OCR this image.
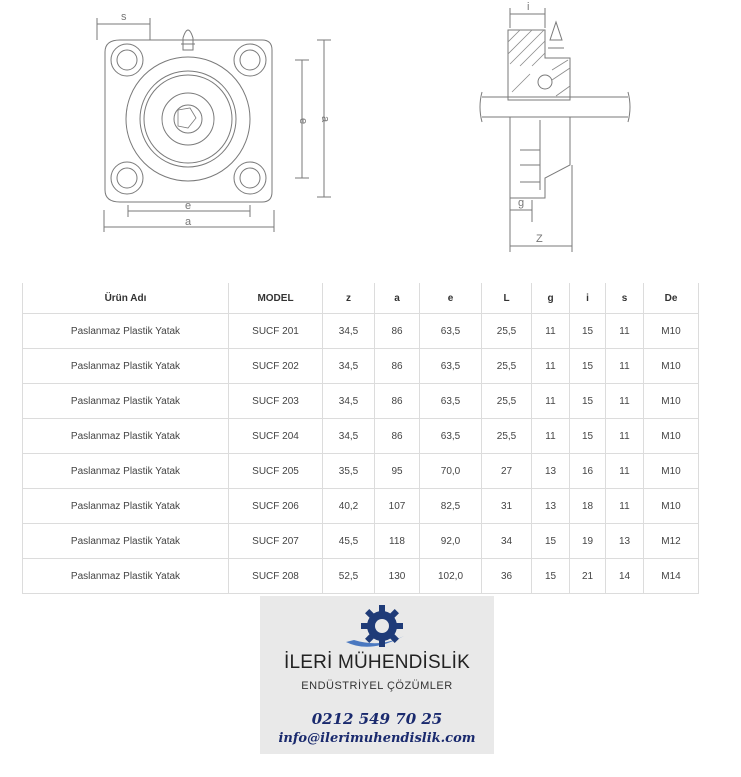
s
e
a
e a
i
g
Z
Ürün Adı	MODEL	z	a	e	L	g	i	s	De
Paslanmaz Plastik Yatak	SUCF 201	34,5	86	63,5	25,5	11	15	11	M10
Paslanmaz Plastik Yatak	SUCF 202	34,5	86	63,5	25,5	11	15	11	M10
Paslanmaz Plastik Yatak	SUCF 203	34,5	86	63,5	25,5	11	15	11	M10
Paslanmaz Plastik Yatak	SUCF 204	34,5	86	63,5	25,5	11	15	11	M10
Paslanmaz Plastik Yatak	SUCF 205	35,5	95	70,0	27	13	16	11	M10
Paslanmaz Plastik Yatak	SUCF 206	40,2	107	82,5	31	13	18	11	M10
Paslanmaz Plastik Yatak	SUCF 207	45,5	118	92,0	34	15	19	13	M12
Paslanmaz Plastik Yatak	SUCF 208	52,5	130	102,0	36	15	21	14	M14
İLERİ MÜHENDİSLİK
ENDÜSTRİYEL ÇÖZÜMLER
0212 549 70 25
info@ilerimuhendislik.com
